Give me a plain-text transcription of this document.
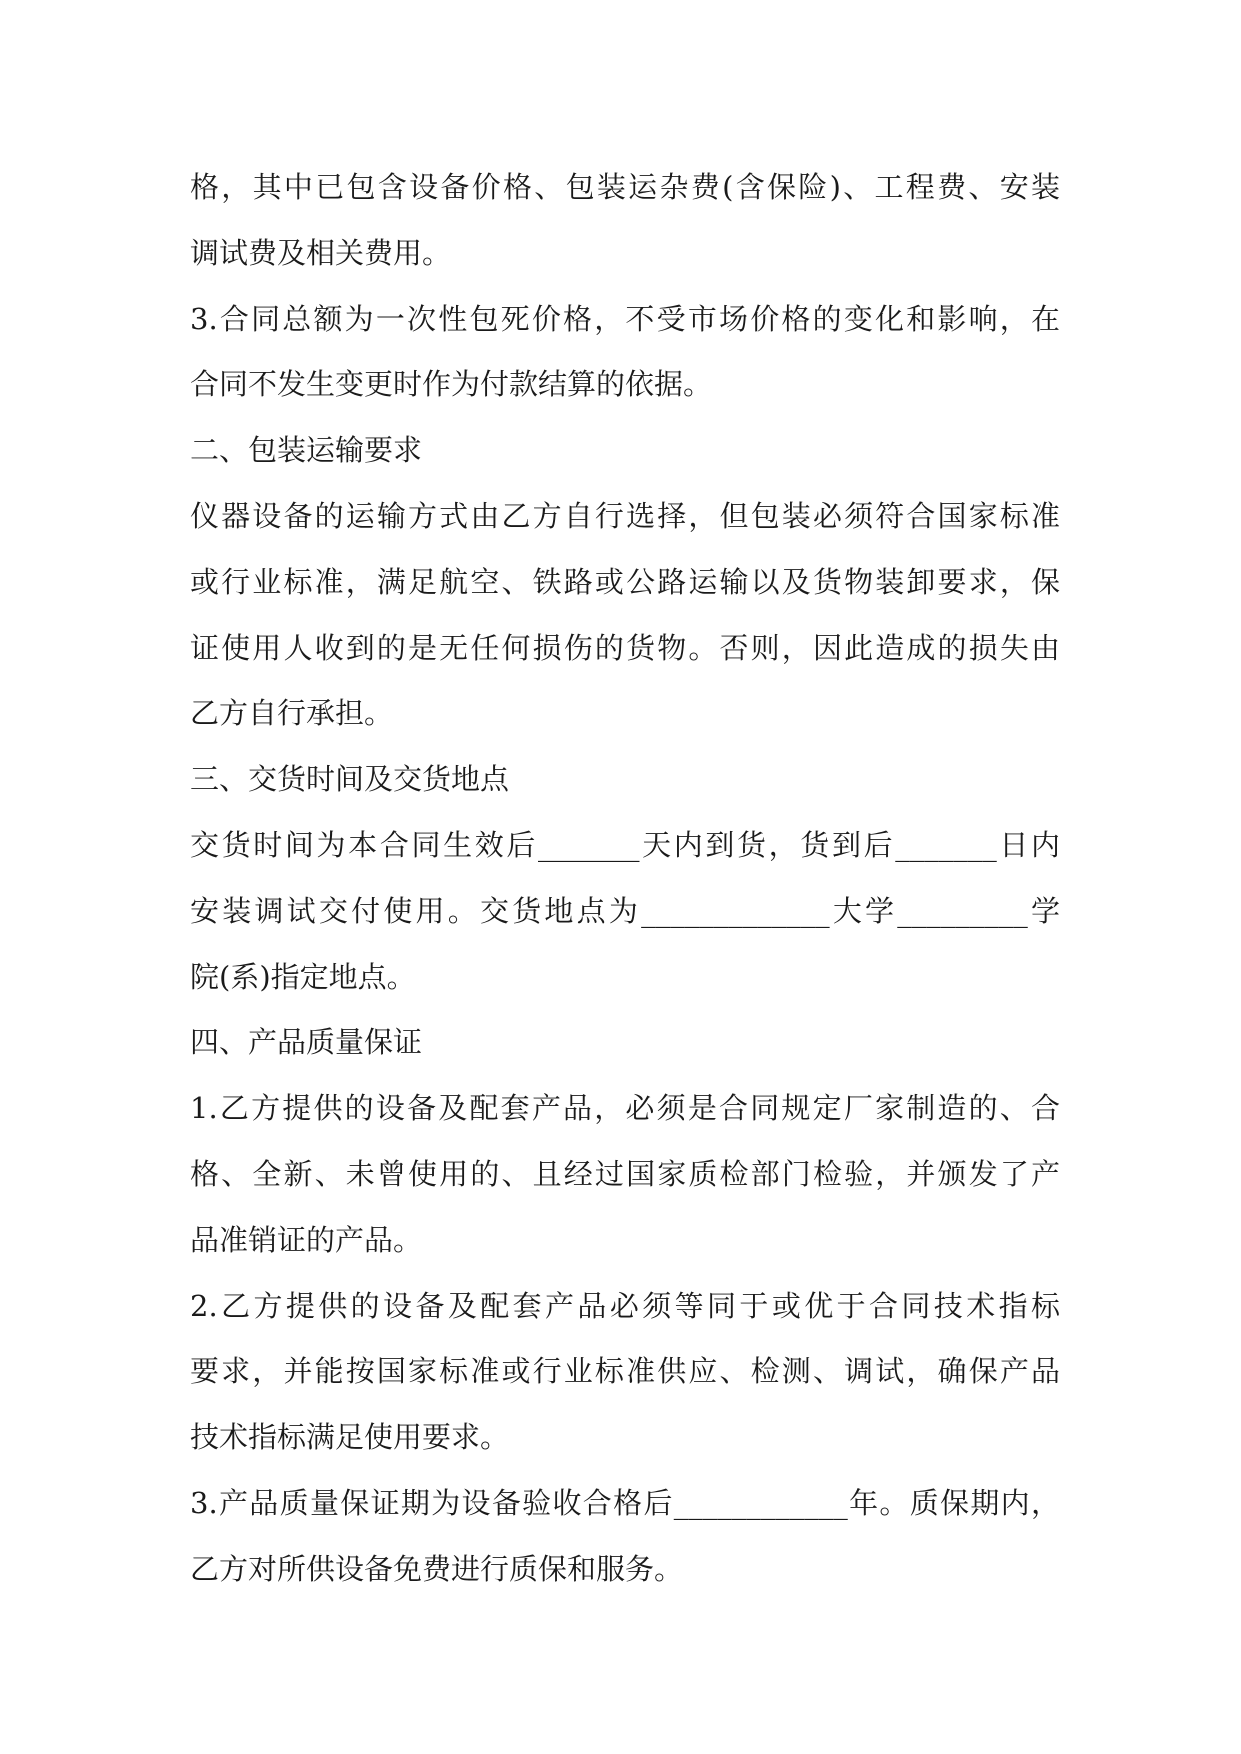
格，其中已包含设备价格、包装运杂费(含保险)、工程费、安装
调试费及相关费用。
3.合同总额为一次性包死价格，不受市场价格的变化和影响，在
合同不发生变更时作为付款结算的依据。
二、包装运输要求
仪器设备的运输方式由乙方自行选择，但包装必须符合国家标准
或行业标准，满足航空、铁路或公路运输以及货物装卸要求，保
证使用人收到的是无任何损伤的货物。否则，因此造成的损失由
乙方自行承担。
三、交货时间及交货地点
交货时间为本合同生效后_______天内到货，货到后_______日内
安装调试交付使用。交货地点为_____________大学_________学
院(系)指定地点。
四、产品质量保证
1.乙方提供的设备及配套产品，必须是合同规定厂家制造的、合
格、全新、未曾使用的、且经过国家质检部门检验，并颁发了产
品准销证的产品。
2.乙方提供的设备及配套产品必须等同于或优于合同技术指标
要求，并能按国家标准或行业标准供应、检测、调试，确保产品
技术指标满足使用要求。
3.产品质量保证期为设备验收合格后____________年。质保期内，
乙方对所供设备免费进行质保和服务。
